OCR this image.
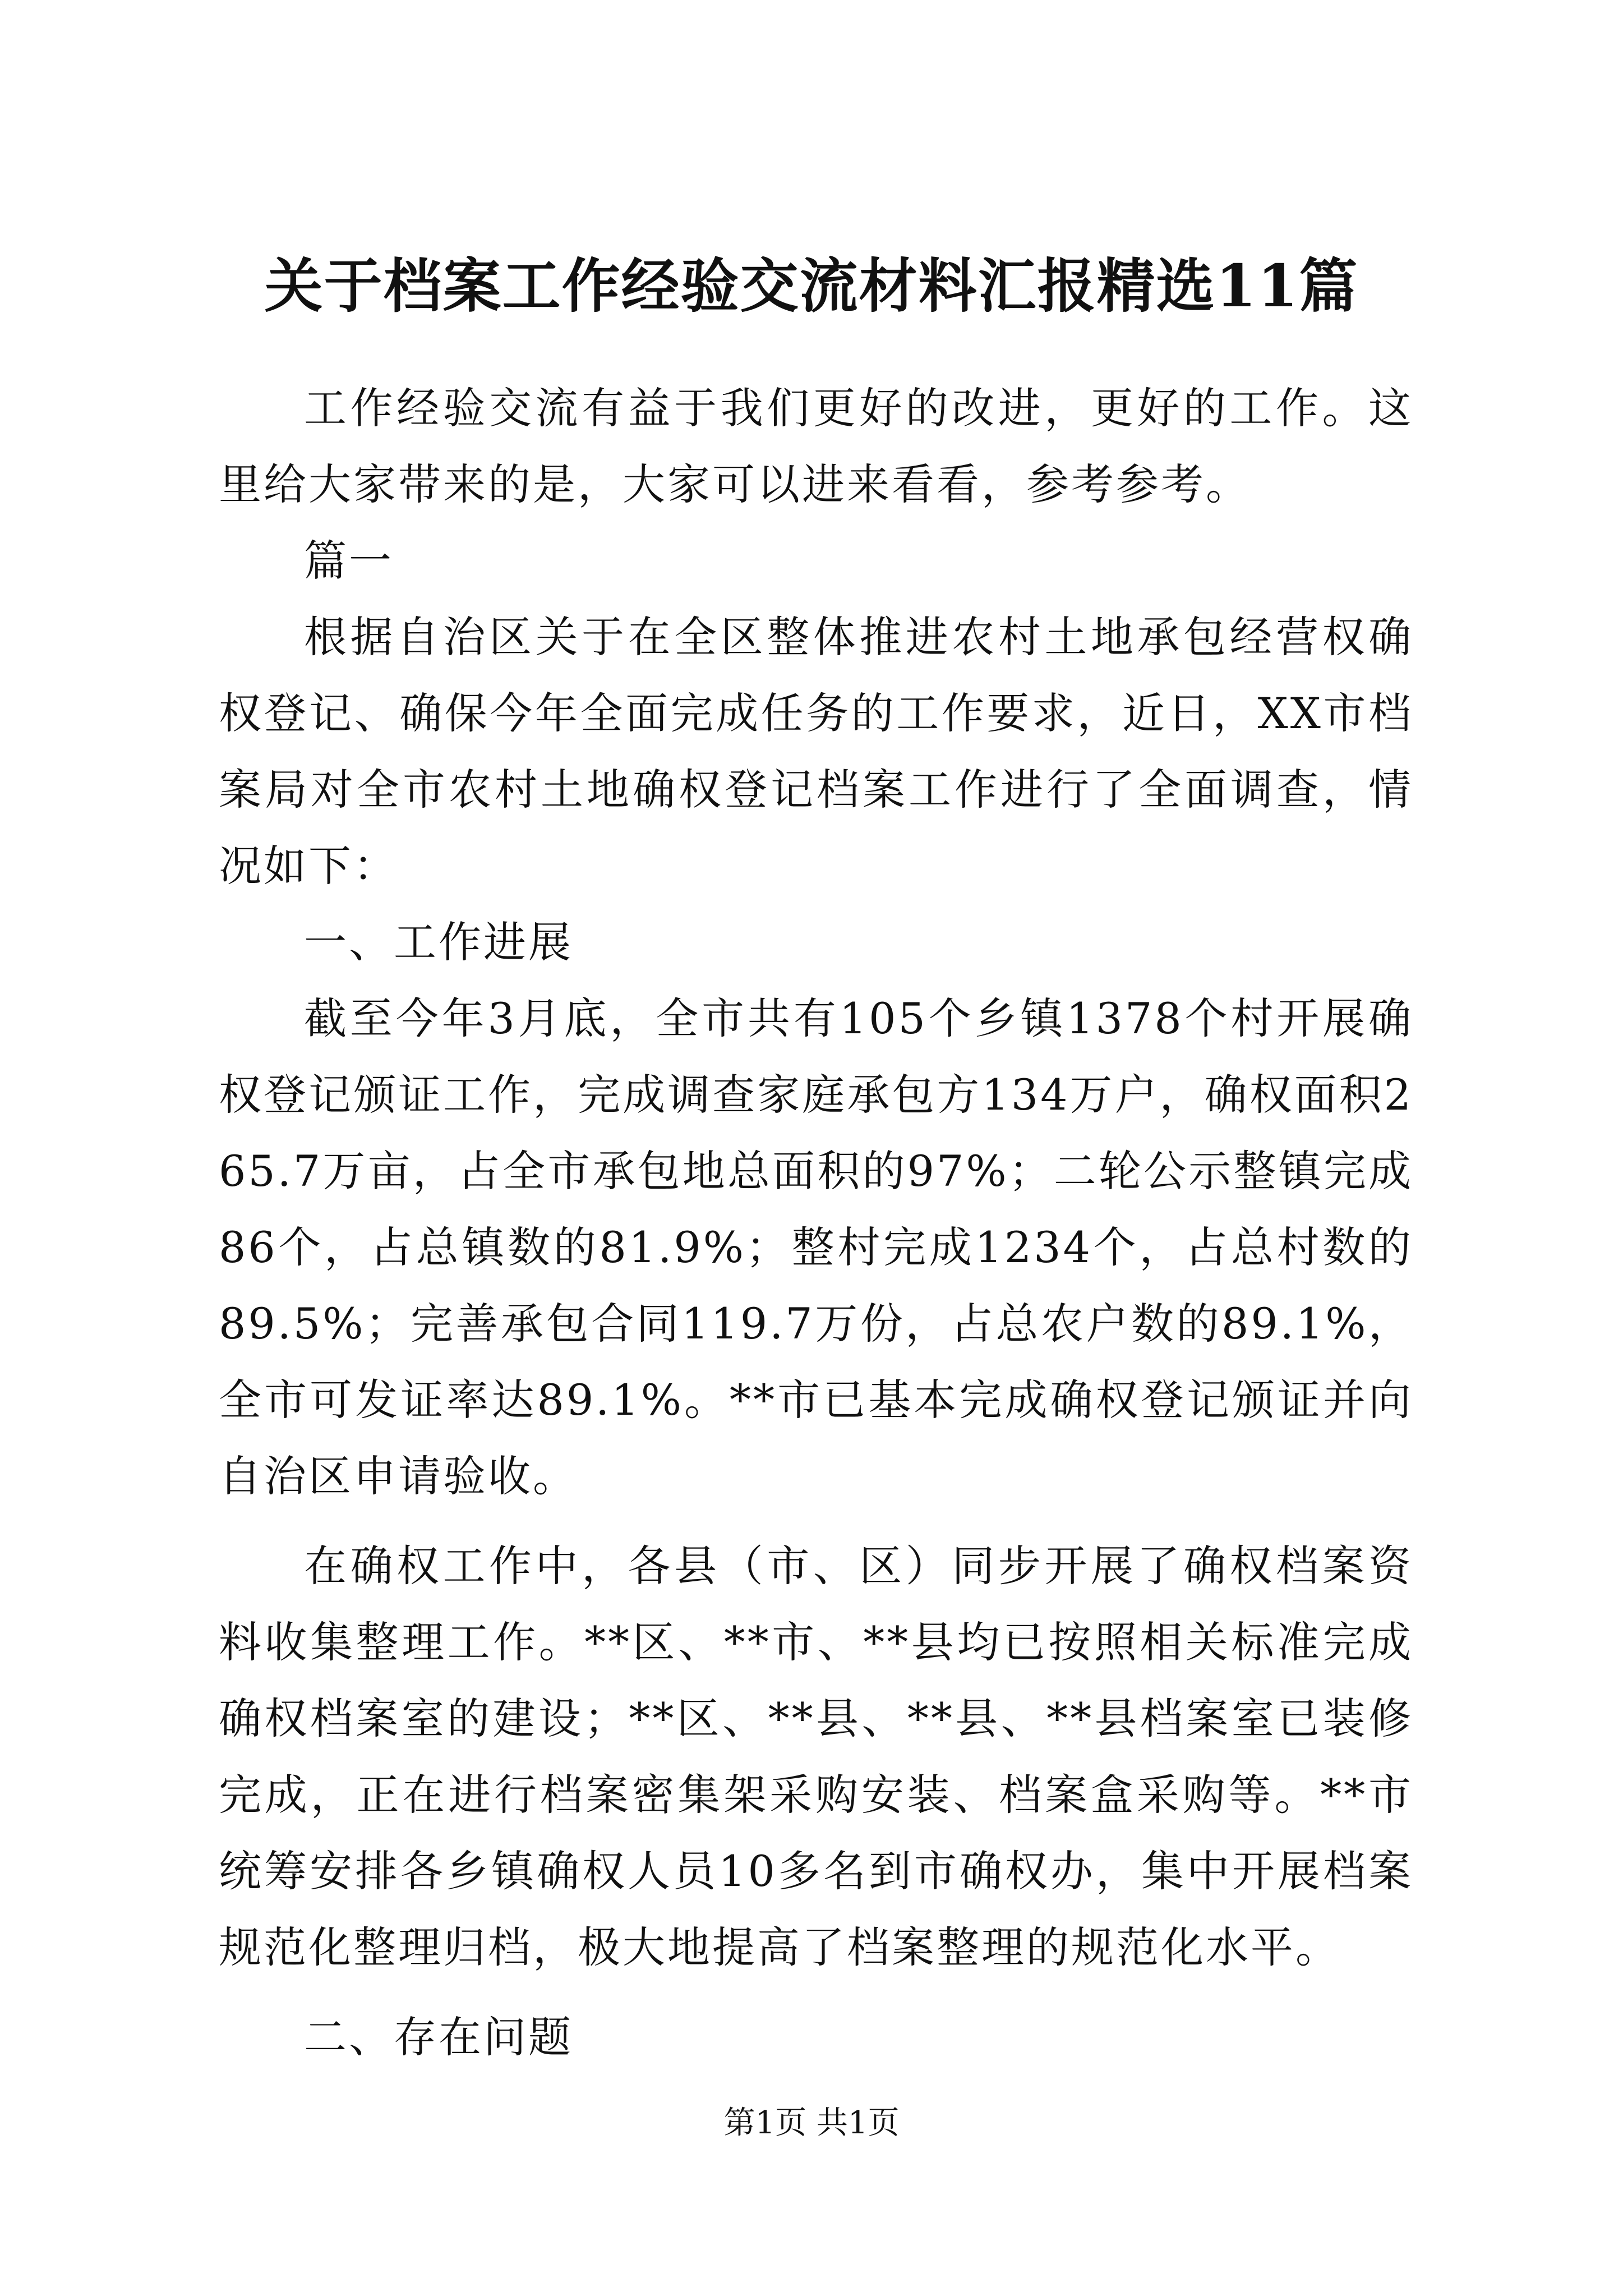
关于档案工作经验交流材料汇报精选11篇

工作经验交流有益于我们更好的改进，更好的工作。这里给大家带来的是，大家可以进来看看，参考参考。

篇一

根据自治区关于在全区整体推进农村土地承包经营权确权登记、确保今年全面完成任务的工作要求，近日，XX市档案局对全市农村土地确权登记档案工作进行了全面调查，情况如下：

一、工作进展

截至今年3月底，全市共有105个乡镇1378个村开展确权登记颁证工作，完成调查家庭承包方134万户，确权面积265.7万亩，占全市承包地总面积的97%；二轮公示整镇完成86个，占总镇数的81.9%；整村完成1234个，占总村数的89.5%；完善承包合同119.7万份，占总农户数的89.1%，全市可发证率达89.1%。**市已基本完成确权登记颁证并向自治区申请验收。

在确权工作中，各县（市、区）同步开展了确权档案资料收集整理工作。**区、**市、**县均已按照相关标准完成确权档案室的建设；**区、**县、**县、**县档案室已装修完成，正在进行档案密集架采购安装、档案盒采购等。**市统筹安排各乡镇确权人员10多名到市确权办，集中开展档案规范化整理归档，极大地提高了档案整理的规范化水平。

二、存在问题

第1页 共1页
